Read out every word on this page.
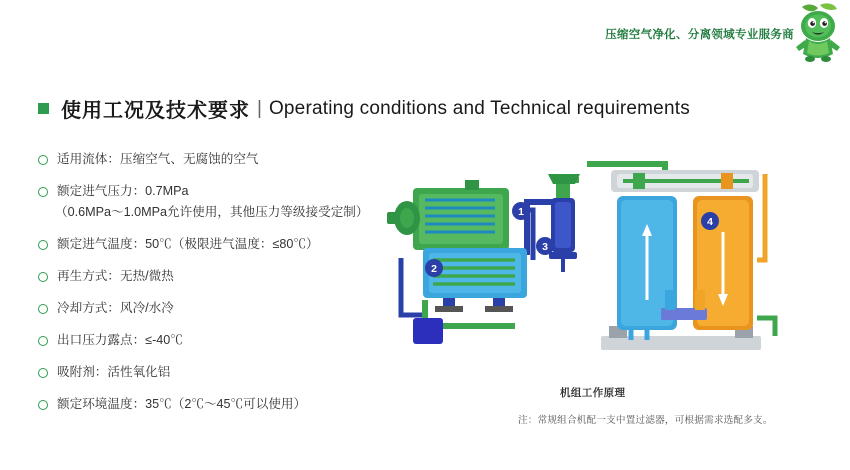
压缩空气净化、分离领域专业服务商
使用工况及技术要求 | Operating conditions and Technical requirements
适用流体：压缩空气、无腐蚀的空气
额定进气压力：0.7MPa
（0.6MPa～1.0MPa允许使用，其他压力等级接受定制）
额定进气温度：50℃（极限进气温度：≤80℃）
再生方式：无热/微热
冷却方式：风冷/水冷
出口压力露点：≤-40℃
吸附剂：活性氧化铝
额定环境温度：35℃（2℃～45℃可以使用）
1
2
3
4
机组工作原理
注：常规组合机配一支中置过滤器，可根据需求选配多支。
